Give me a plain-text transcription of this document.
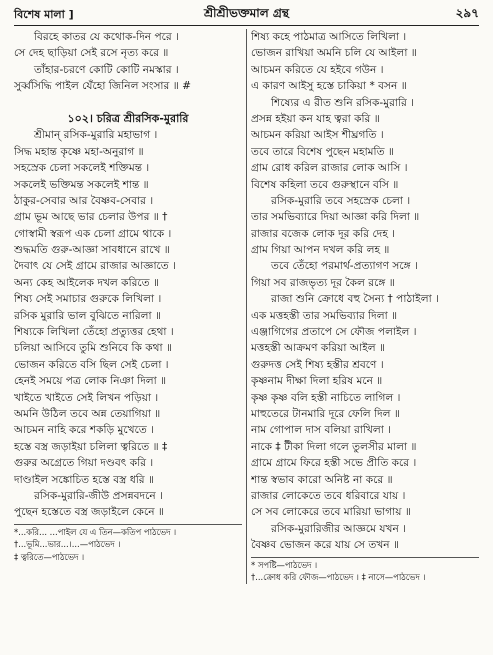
বিশেষ মালা ]	শ্রীশ্রীভক্তমাল গ্রন্থ	২৯৭
বিরহে কাতর যে কথোক-দিন পরে ।
সে দেহ ছাড়িয়া সেই রসে নৃত্য করে ॥
তাঁহার-চরণে কোটি কোটি নমস্কার ।
সুর্ব্বসিদ্ধি পাইল যেঁহো জিনিল সংসার ॥ #
১০২। চরিত্র শ্রীরসিক-মুরারি
শ্রীমান্ রসিক-মুরারি মহাভাগ ।
সিদ্ধ মহান্ত কৃষ্ণে মহা-অনুরাগ ॥
সহস্রেক চেলা সকলেই শক্তিমন্ত ।
সকলেই ভক্তিমন্ত সকলেই শান্ত ॥
ঠাকুর-সেবার আর বৈষ্ণব-সেবার ।
গ্রাম ভূম আছে ভার চেলার উপর ॥ †
গোস্বামী স্বরূপ এক চেলা গ্রামে থাকে ।
শুদ্ধমতি গুরু-আজ্ঞা সাবধানে রাখে ॥
দৈবাৎ যে সেই গ্রামে রাজার আজ্ঞাতে ।
অন্য কেহ আইলেক দখল করিতে ॥
শিষ্য সেই সমাচার গুরুকে লিখিলা ।
রসিক মুরারি ভাল বুঝিতে নারিলা ॥
শিষ্যকে লিখিলা তেঁহো প্রত্যুত্তর হেথা ।
চলিয়া আসিবে তুমি শুনিবে কি কথা ॥
ভোজন করিতে বসি ছিল সেই চেলা ।
হেনই সময়ে পত্র লোক নিঞা দিলা ॥
খাইতে খাইতে সেই লিখন পড়িয়া ।
অমনি উঠিল তবে অন্ন তেয়াগিয়া ॥
আচমন নাহি করে শকড়ি মুখেতে ।
হস্তে বস্ত্র জড়াইয়া চলিলা ত্বরিতে ॥ ‡
গুরুর অগ্রেতে গিয়া দণ্ডবৎ করি ।
দাণ্ডাইল সঙ্কোচিত হস্তে বস্ত্র ধরি ॥
রসিক-মুরারি-জীউ প্রসন্নবদনে ।
পুছেন হস্তেতে বস্ত্র জড়াইলে কেনে ॥
*...করি... ...পাইল যে এ তিন—কতিপ পাঠভেদ ।
†...ভূমি...ভার...।...—পাঠভেদ ।
‡ ত্বরিতে—পাঠভেদ ।
শিষ্য কহে পাঠমাত্র আসিতে লিখিলা ।
ভোজন রাখিয়া অমনি চলি যে আইলা ॥
আচমন করিতে যে হইবে গউন ।
এ কারণ আইসু হস্তে চাকিয়া * বসন ॥
শিষ্যের এ রীত শুনি রসিক-মুরারি ।
প্রসন্ন হইয়া কন যাহ ত্বরা করি ॥
আচমন করিয়া আইস শীঘ্রগতি ।
তবে তারে বিশেষ পুছেন মহামতি ॥
গ্রাম রোধ করিল রাজার লোক আসি ।
বিশেষ কহিলা তবে গুরুস্থানে বসি ॥
রসিক-মুরারি তবে সহস্রেক চেলা ।
তার সমভিব্যারে দিয়া আজ্ঞা করি দিলা ॥
রাজার বজেক লোক দূর করি দেহ ।
গ্রাম গিয়া আপন দখল করি লহ ॥
তবে তেঁহো পরমার্থ-প্রত্যাগণ সঙ্গে ।
গিয়া সব রাজভৃত্য দূর কৈল রঙ্গে ॥
রাজা শুনি ক্রোধে বহু সৈন্য † পাঠাইলা ।
এক মত্তহস্তী তার সমভিব্যার দিলা ॥
এঞ্জাগিগের প্রতাপে সে ফৌজ পলাইল ।
মত্তহস্তী আক্রমণ করিয়া আইল ॥
গুরুদত্ত সেই শিষ্য হস্তীর শ্রবণে ।
কৃষ্ণনাম দীক্ষা দিলা হরিষ মনে ॥
কৃষ্ণ কৃষ্ণ বলি হস্তী নাচিতে লাগিল ।
মাহুতেরে টানমারি দূরে ফেলি দিল ॥
নাম গোপাল দাস বলিয়া রাখিলা ।
নাকে ‡ টীকা দিলা গলে তুলসীর মালা ॥
গ্রামে গ্রামে ফিরে হস্তী সভে প্রীতি করে ।
শান্ত স্বভাব কারো অনিষ্ট না করে ॥
রাজার লোকেতে তবে ধরিবারে যায় ।
সে সব লোকেরে তবে মারিয়া ভাগায় ॥
রসিক-মুরারিজীর আজ্ঞমে যখন ।
বৈষ্ণব ভোজন করে যায় সে তখন ॥
* সপষ্টি—পাঠভেদ ।
†...ক্রোধ করি ফৌজ—পাঠভেদ । ‡ নাসে—পাঠভেদ ।
